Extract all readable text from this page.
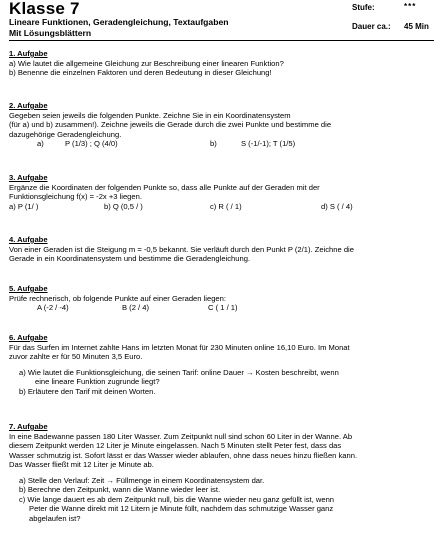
Klasse 7
Lineare Funktionen, Geradengleichung, Textaufgaben
Mit Lösungsblättern
Stufe:	***
Dauer ca.: 45 Min
1. Aufgabe
a) Wie lautet die allgemeine Gleichung zur Beschreibung einer linearen Funktion?
b) Benenne die einzelnen Faktoren und deren Bedeutung in dieser Gleichung!
2. Aufgabe
Gegeben seien jeweils die folgenden Punkte. Zeichne Sie in ein Koordinatensystem
(für a) und b) zusammen!). Zeichne jeweils die Gerade durch die zwei Punkte und bestimme die
dazugehörige Geradengleichung.
a)	P (1/3) ; Q (4/0)	b)	S (-1/-1); T (1/5)
3. Aufgabe
Ergänze die Koordinaten der folgenden Punkte so, dass alle Punkte auf der Geraden mit der
Funktionsgleichung f(x) = -2x +3 liegen.
a) P (1/ )	b) Q (0,5 / )	c) R ( / 1)	d) S ( / 4)
4. Aufgabe
Von einer Geraden ist die Steigung m = -0,5 bekannt. Sie verläuft durch den Punkt P (2/1). Zeichne die
Gerade in ein Koordinatensystem und bestimme die Geradengleichung.
5. Aufgabe
Prüfe rechnerisch, ob folgende Punkte auf einer Geraden liegen:
A (-2 / -4)	B (2 / 4)	C ( 1 / 1)
6. Aufgabe
Für das Surfen im Internet zahlte Hans im letzten Monat für 230 Minuten online 16,10 Euro. Im Monat
zuvor zahlte er für 50 Minuten 3,5 Euro.
a) Wie lautet die Funktionsgleichung, die seinen Tarif: online Dauer → Kosten beschreibt, wenn
eine lineare Funktion zugrunde liegt?
b) Erläutere den Tarif mit deinen Worten.
7. Aufgabe
In eine Badewanne passen 180 Liter Wasser. Zum Zeitpunkt null sind schon 60 Liter in der Wanne. Ab
diesem Zeitpunkt werden 12 Liter je Minute eingelassen. Nach 5 Minuten stellt Peter fest, dass das
Wasser schmutzig ist. Sofort lässt er das Wasser wieder ablaufen, ohne dass neues hinzu fließen kann.
Das Wasser fließt mit 12 Liter je Minute ab.
a) Stelle den Verlauf: Zeit → Füllmenge in einem Koordinatensystem dar.
b) Berechne den Zeitpunkt, wann die Wanne wieder leer ist.
c) Wie lange dauert es ab dem Zeitpunkt null, bis die Wanne wieder neu ganz gefüllt ist, wenn
Peter die Wanne direkt mit 12 Litern je Minute füllt, nachdem das schmutzige Wasser ganz
abgelaufen ist?
